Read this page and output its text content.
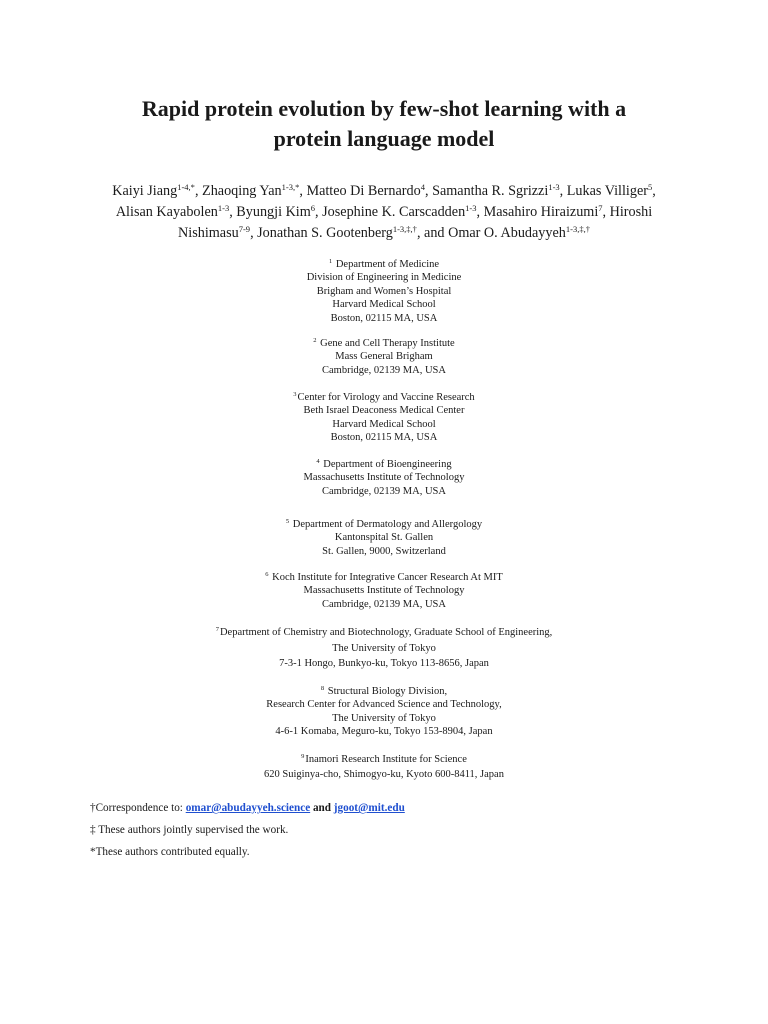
Rapid protein evolution by few-shot learning with a
protein language model

Kaiyi Jiang$^{1-4,*}$, Zhaoqing Yan$^{1-3,*}$, Matteo Di Bernardo$^4$, Samantha R. Sgrizzi$^{1-3}$, Lukas Villiger$^5$,
Alisan Kayabolen$^{1-3}$, Byungji Kim$^6$, Josephine K. Carscadden$^{1-3}$, Masahiro Hiraizumi$^7$, Hiroshi
Nishimasu$^{7-9}$, Jonathan S. Gootenberg$^{1-3,\ddagger,\dagger}$, and Omar O. Abudayyeh$^{1-3,\ddagger,\dagger}$

$^1$ Department of Medicine
Division of Engineering in Medicine
Brigham and Women’s Hospital
Harvard Medical School
Boston, 02115 MA, USA
$^2$ Gene and Cell Therapy Institute
Mass General Brigham
Cambridge, 02139 MA, USA
$^3$Center for Virology and Vaccine Research
Beth Israel Deaconess Medical Center
Harvard Medical School
Boston, 02115 MA, USA
$^4$ Department of Bioengineering
Massachusetts Institute of Technology
Cambridge, 02139 MA, USA
$^5$ Department of Dermatology and Allergology
Kantonspital St. Gallen
St. Gallen, 9000, Switzerland
$^6$ Koch Institute for Integrative Cancer Research At MIT
Massachusetts Institute of Technology
Cambridge, 02139 MA, USA
$^7$Department of Chemistry and Biotechnology, Graduate School of Engineering,
The University of Tokyo
7-3-1 Hongo, Bunkyo-ku, Tokyo 113-8656, Japan
$^8$ Structural Biology Division,
Research Center for Advanced Science and Technology,
The University of Tokyo
4-6-1 Komaba, Meguro-ku, Tokyo 153-8904, Japan
$^9$Inamori Research Institute for Science
620 Suiginya-cho, Shimogyo-ku, Kyoto 600-8411, Japan
†Correspondence to: omar@abudayyeh.science and jgoot@mit.edu
‡ These authors jointly supervised the work.
*These authors contributed equally.
